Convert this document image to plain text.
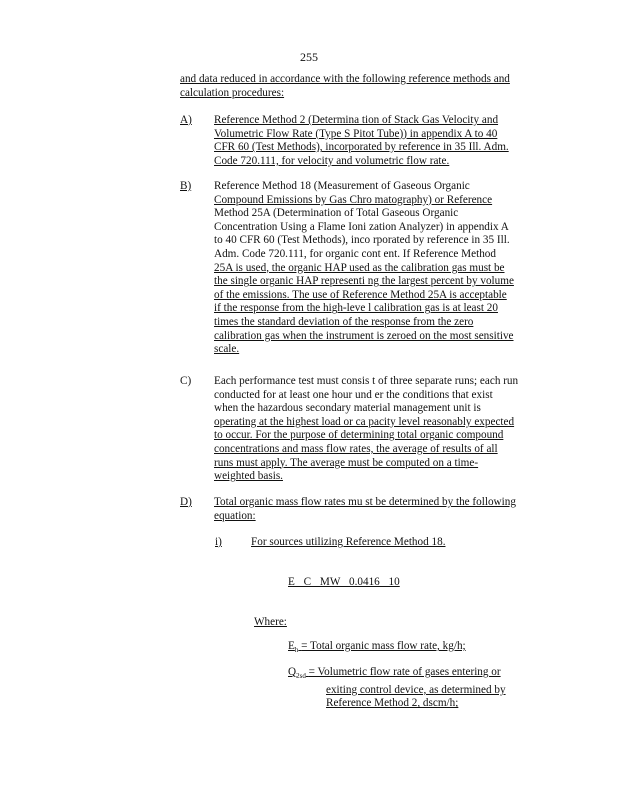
255
and data reduced in accordance with the following reference methods and
calculation procedures:
A)	Reference Method 2 (Determina tion of Stack Gas Velocity and
Volumetric Flow Rate (Type S Pitot Tube)) in appendix A to 40
CFR 60 (Test Methods), incorporated by reference in 35 Ill. Adm.
Code 720.111, for velocity and volumetric flow rate.
B)	Reference Method 18 (Measurement of Gaseous Organic
Compound Emissions by Gas Chro matography) or Reference
Method 25A (Determination of Total Gaseous Organic
Concentration Using a Flame Ioni zation Analyzer) in appendix A
to 40 CFR 60 (Test Methods), inco rporated by reference in 35 Ill.
Adm. Code 720.111, for organic cont ent. If Reference Method
25A is used, the organic HAP used as the calibration gas must be
the single organic HAP representi ng the largest percent by volume
of the emissions. The use of Reference Method 25A is acceptable
if the response from the high-leve l calibration gas is at least 20
times the standard deviation of the response from the zero
calibration gas when the instrument is zeroed on the most sensitive
scale.
C)	Each performance test must consis t of three separate runs; each run
conducted for at least one hour und er the conditions that exist
when the hazardous secondary material management unit is
operating at the highest load or ca pacity level reasonably expected
to occur. For the purpose of determining total organic compound
concentrations and mass flow rates, the average of results of all
runs must apply. The average must be computed on a time-
weighted basis.
D)	Total organic mass flow rates mu st be determined by the following
equation:
i)	For sources utilizing Reference Method 18.
E C MW 0.0416 10
Where:
$E_h$ = Total organic mass flow rate, kg/h;
$Q_{2sd}$ = Volumetric flow rate of gases entering or
exiting control device, as determined by
Reference Method 2, dscm/h;
